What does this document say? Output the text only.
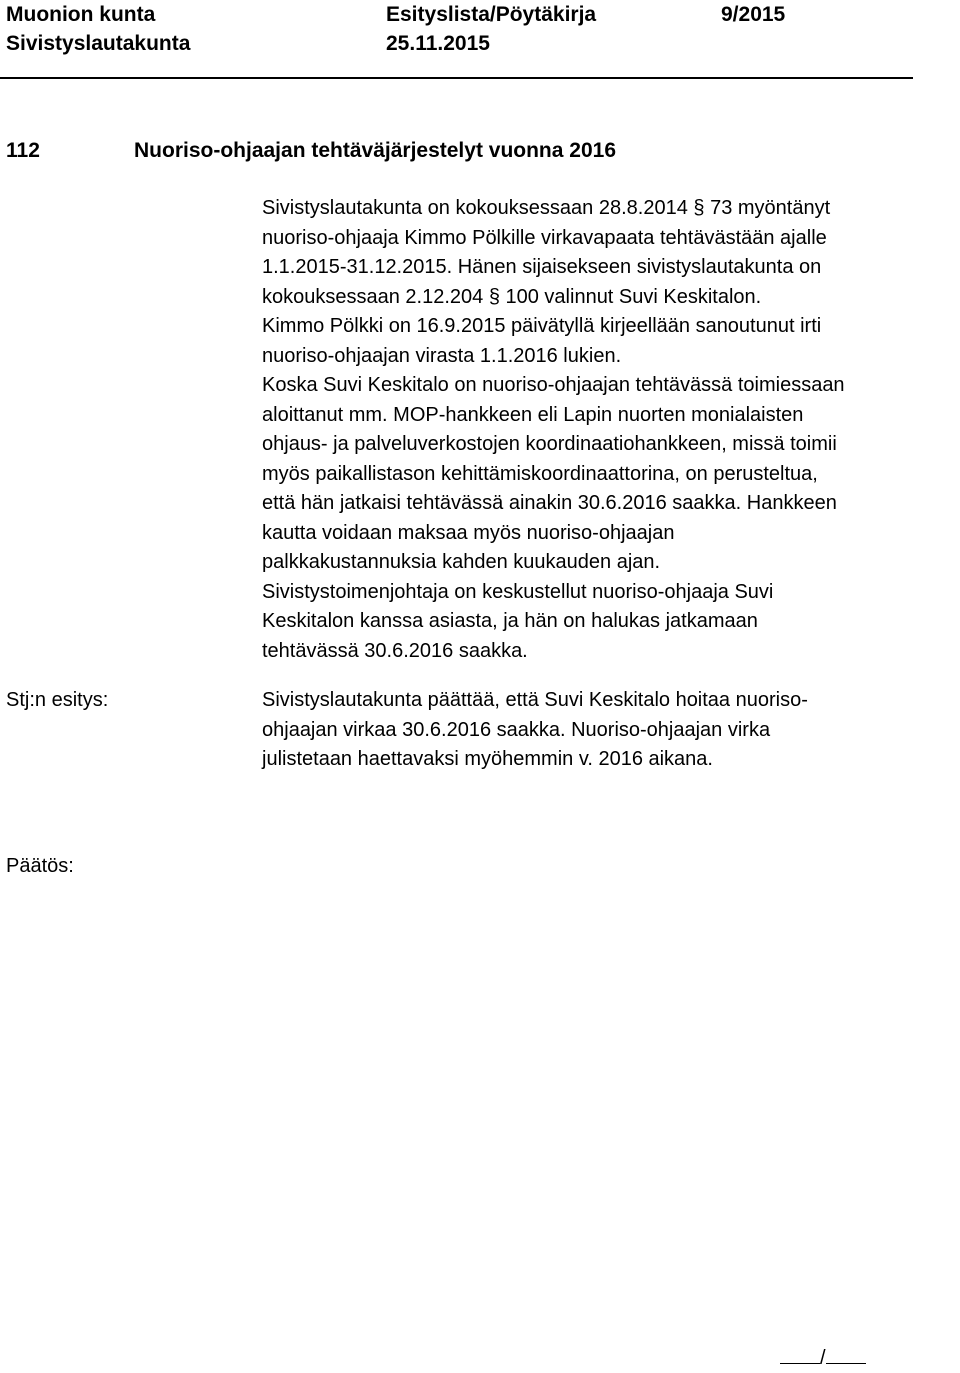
Muonion kunta	Esityslista/Pöytäkirja	9/2015
Sivistyslautakunta	25.11.2015
112	Nuoriso-ohjaajan tehtäväjärjestelyt vuonna 2016
Sivistyslautakunta on kokouksessaan 28.8.2014 § 73 myöntänyt
nuoriso-ohjaaja Kimmo Pölkille virkavapaata tehtävästään ajalle
1.1.2015-31.12.2015. Hänen sijaisekseen sivistyslautakunta on
kokouksessaan 2.12.204 § 100 valinnut Suvi Keskitalon.
Kimmo Pölkki on 16.9.2015 päivätyllä kirjeellään sanoutunut irti
nuoriso-ohjaajan virasta 1.1.2016 lukien.
Koska Suvi Keskitalo on nuoriso-ohjaajan tehtävässä toimiessaan
aloittanut mm. MOP-hankkeen eli Lapin nuorten monialaisten
ohjaus- ja palveluverkostojen koordinaatiohankkeen, missä toimii
myös paikallistason kehittämiskoordinaattorina, on perusteltua,
että hän jatkaisi tehtävässä ainakin 30.6.2016 saakka. Hankkeen
kautta voidaan maksaa myös nuoriso-ohjaajan
palkkakustannuksia kahden kuukauden ajan.
Sivistystoimenjohtaja on keskustellut nuoriso-ohjaaja Suvi
Keskitalon kanssa asiasta, ja hän on halukas jatkamaan
tehtävässä 30.6.2016 saakka.
Stj:n esitys:	Sivistyslautakunta päättää, että Suvi Keskitalo hoitaa nuoriso-
ohjaajan virkaa 30.6.2016 saakka. Nuoriso-ohjaajan virka
julistetaan haettavaksi myöhemmin v. 2016 aikana.
Päätös:
/
